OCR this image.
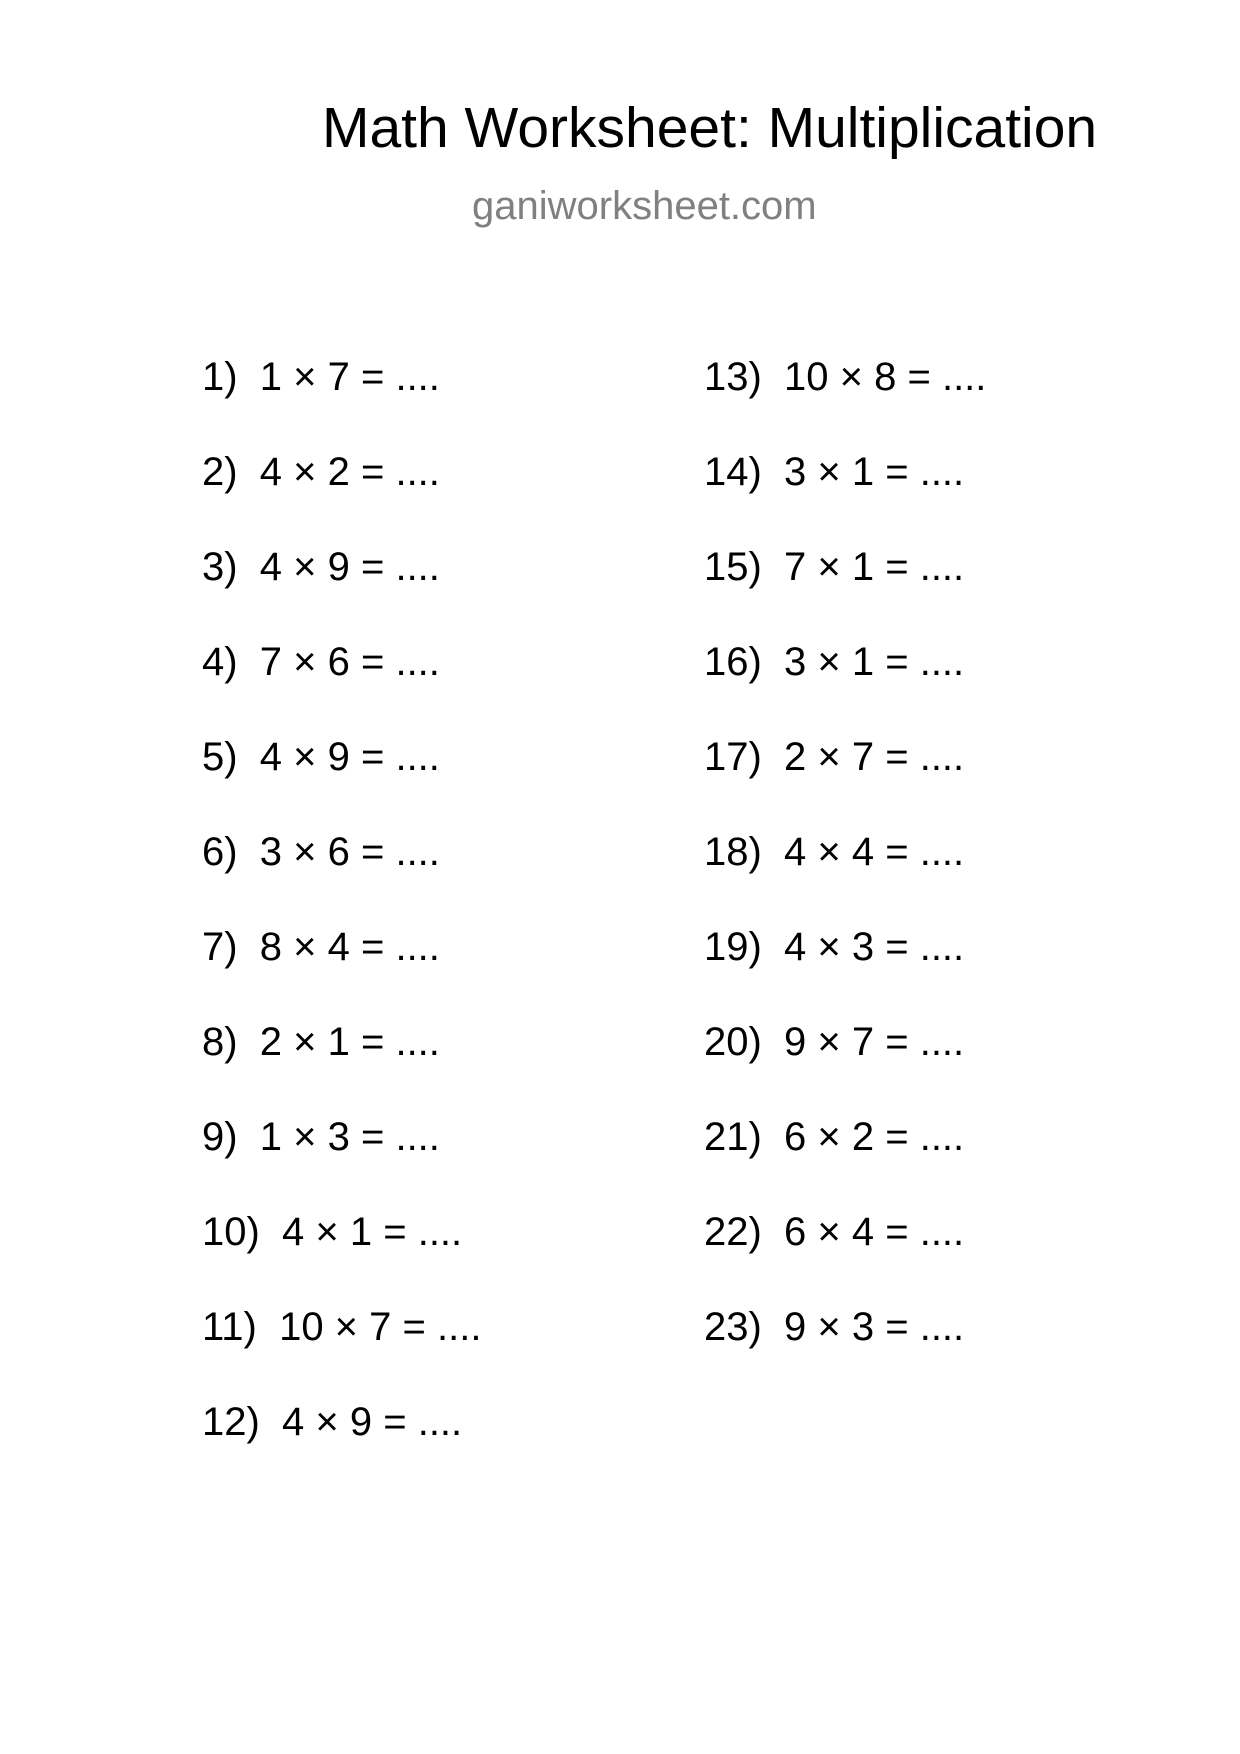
Math Worksheet: Multiplication
ganiworksheet.com
1)  1 × 7 = ....
2)  4 × 2 = ....
3)  4 × 9 = ....
4)  7 × 6 = ....
5)  4 × 9 = ....
6)  3 × 6 = ....
7)  8 × 4 = ....
8)  2 × 1 = ....
9)  1 × 3 = ....
10)  4 × 1 = ....
11)  10 × 7 = ....
12)  4 × 9 = ....
13)  10 × 8 = ....
14)  3 × 1 = ....
15)  7 × 1 = ....
16)  3 × 1 = ....
17)  2 × 7 = ....
18)  4 × 4 = ....
19)  4 × 3 = ....
20)  9 × 7 = ....
21)  6 × 2 = ....
22)  6 × 4 = ....
23)  9 × 3 = ....
